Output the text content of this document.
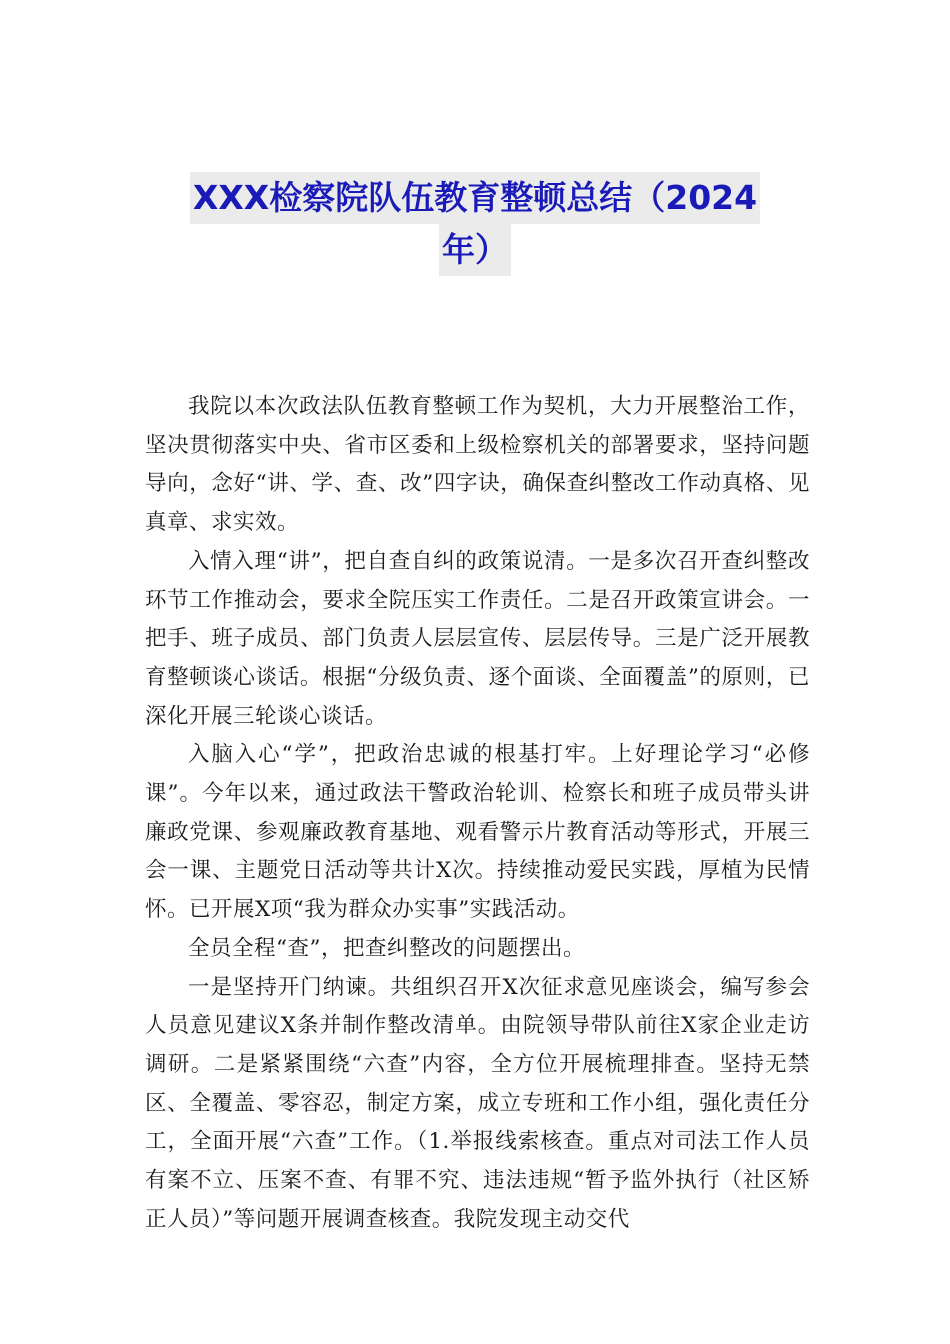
XXX检察院队伍教育整顿总结（2024
年）

我院以本次政法队伍教育整顿工作为契机，大力开展整治工作，坚决贯彻落实中央、省市区委和上级检察机关的部署要求，坚持问题导向，念好“讲、学、查、改”四字诀，确保查纠整改工作动真格、见真章、求实效。

入情入理“讲”，把自查自纠的政策说清。一是多次召开查纠整改环节工作推动会，要求全院压实工作责任。二是召开政策宣讲会。一把手、班子成员、部门负责人层层宣传、层层传导。三是广泛开展教育整顿谈心谈话。根据“分级负责、逐个面谈、全面覆盖”的原则，已深化开展三轮谈心谈话。

入脑入心“学”，把政治忠诚的根基打牢。上好理论学习“必修课”。今年以来，通过政法干警政治轮训、检察长和班子成员带头讲廉政党课、参观廉政教育基地、观看警示片教育活动等形式，开展三会一课、主题党日活动等共计X次。持续推动爱民实践，厚植为民情怀。已开展X项“我为群众办实事”实践活动。

全员全程“查”，把查纠整改的问题摆出。

一是坚持开门纳谏。共组织召开X次征求意见座谈会，编写参会人员意见建议X条并制作整改清单。由院领导带队前往X家企业走访调研。二是紧紧围绕“六查”内容，全方位开展梳理排查。坚持无禁区、全覆盖、零容忍，制定方案，成立专班和工作小组，强化责任分工，全面开展“六查”工作。（1.举报线索核查。重点对司法工作人员有案不立、压案不查、有罪不究、违法违规“暂予监外执行（社区矫正人员）”等问题开展调查核查。我院发现主动交代
